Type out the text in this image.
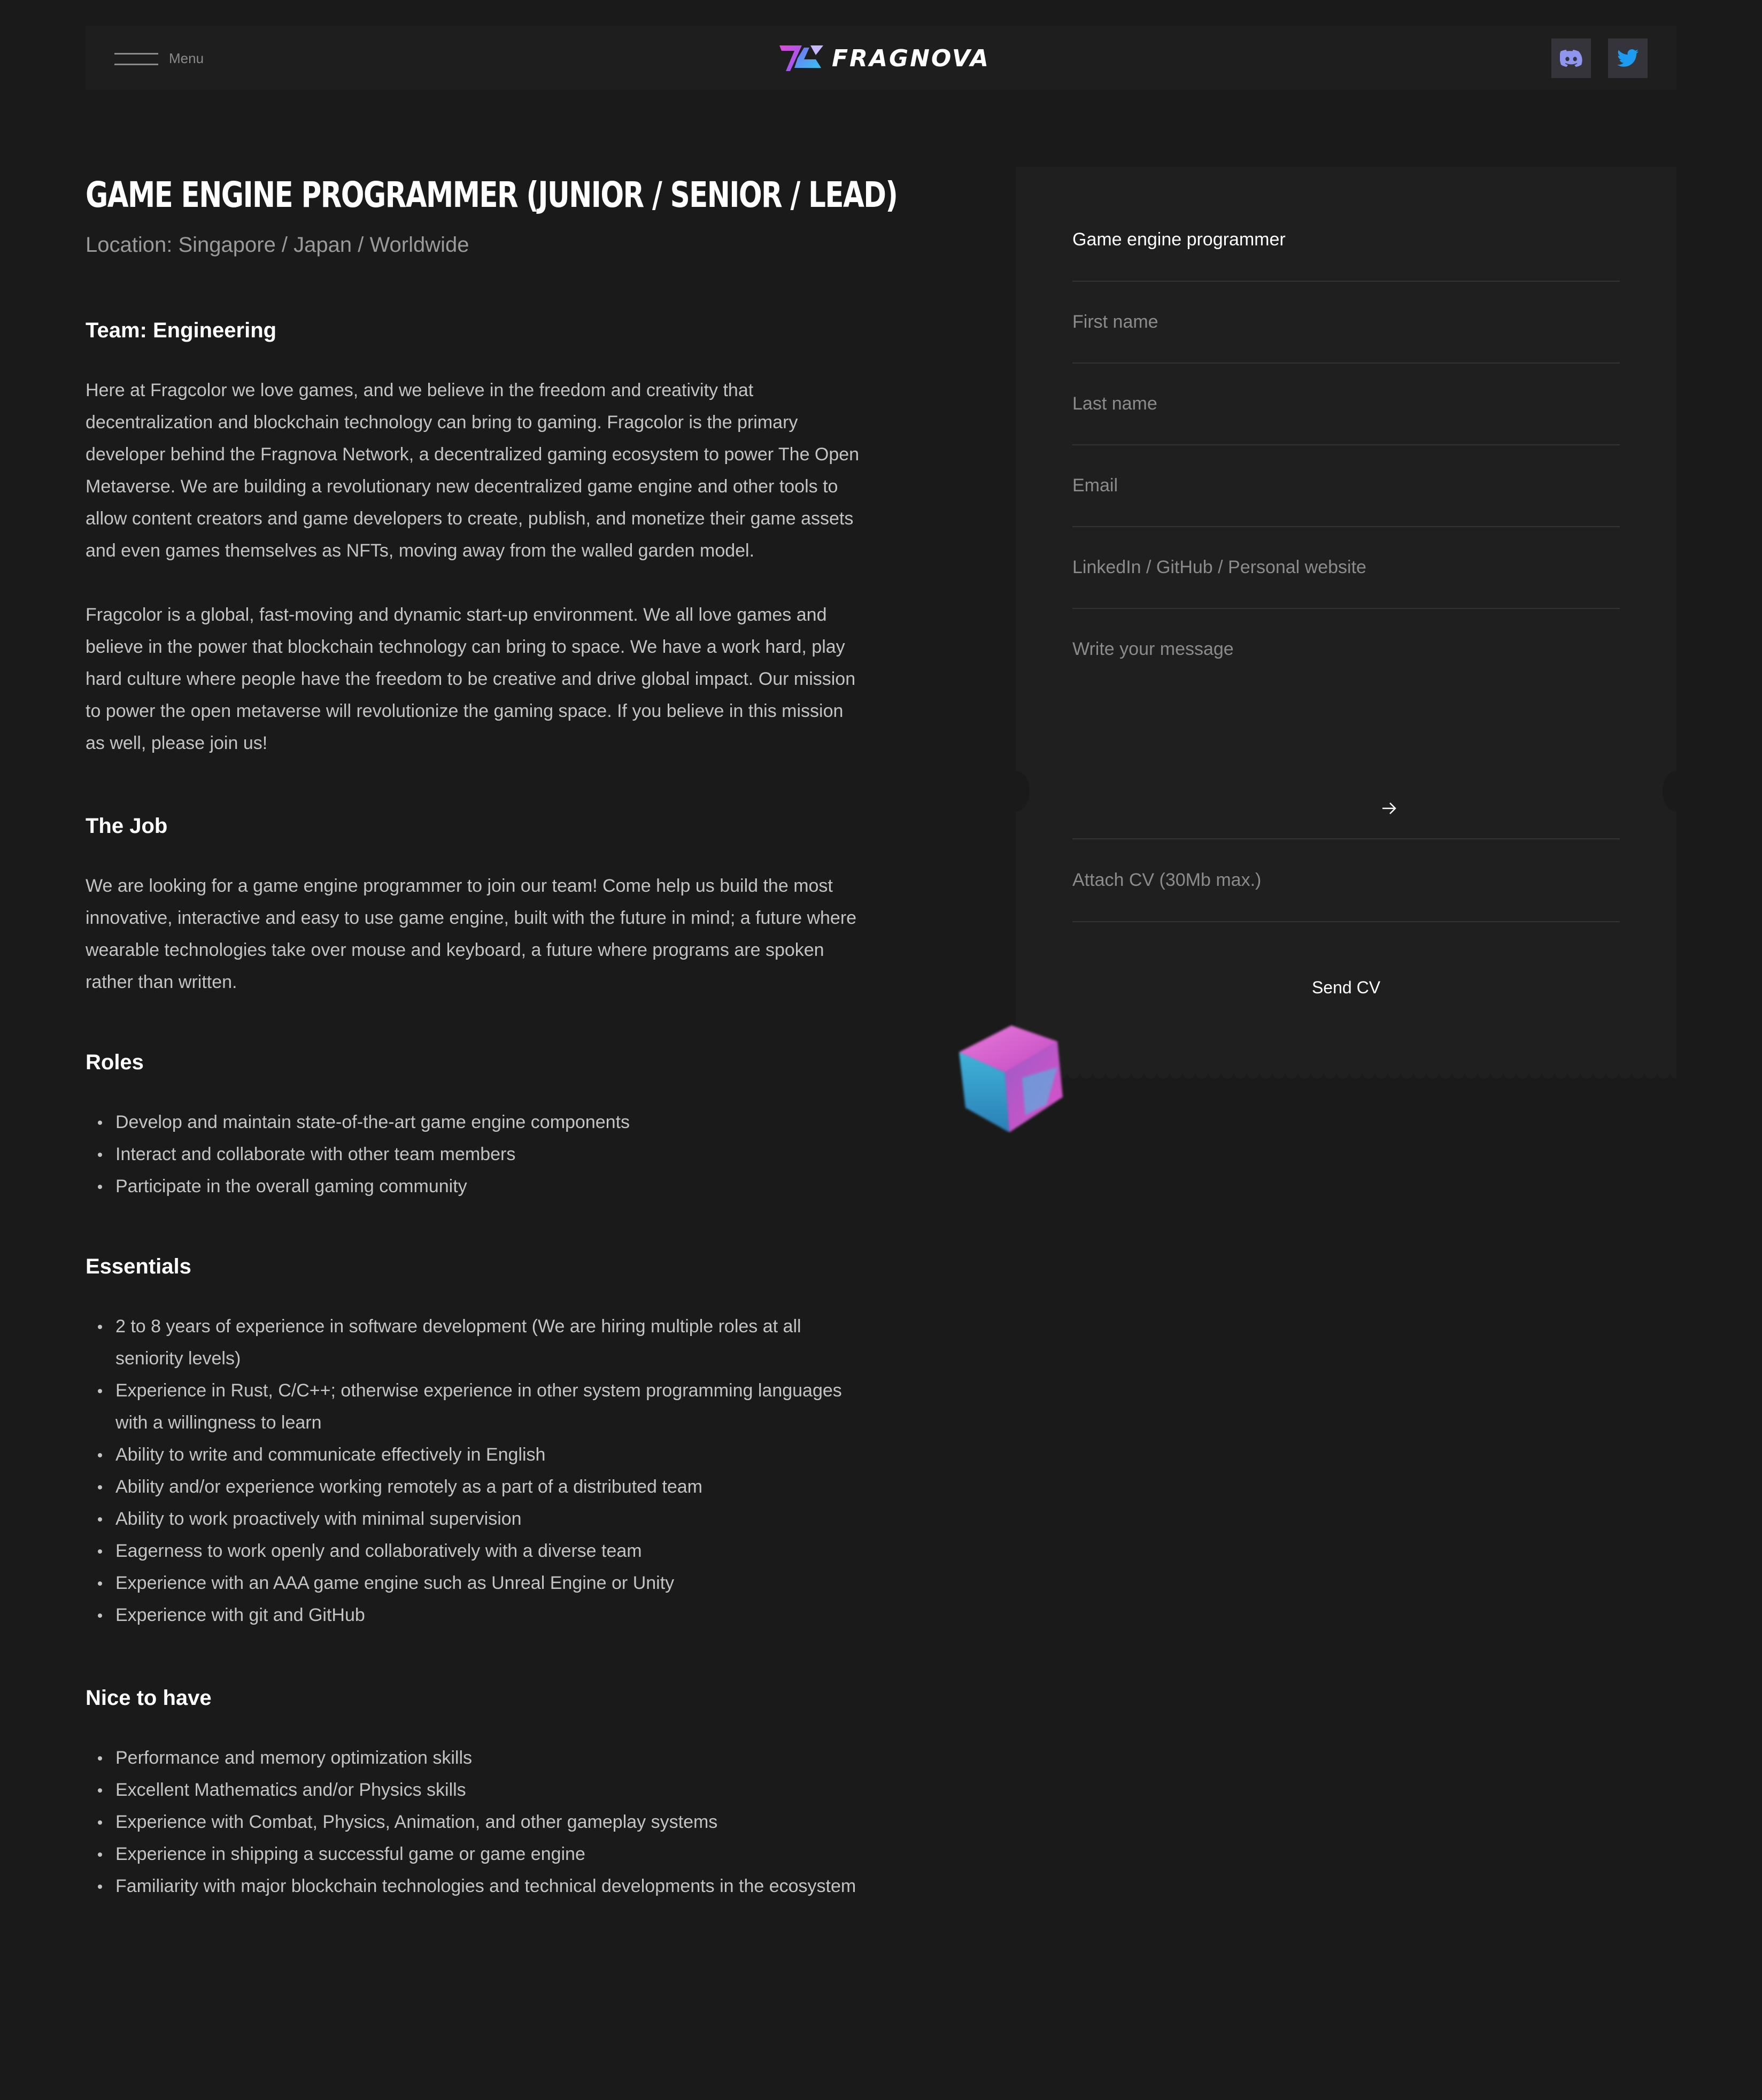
Menu	FRAGNOVA
GAME ENGINE PROGRAMMER (JUNIOR / SENIOR / LEAD)
Location: Singapore / Japan / Worldwide
Team: Engineering

Here at Fragcolor we love games, and we believe in the freedom and creativity that decentralization and blockchain technology can bring to gaming. Fragcolor is the primary developer behind the Fragnova Network, a decentralized gaming ecosystem to power The Open Metaverse. We are building a revolutionary new decentralized game engine and other tools to allow content creators and game developers to create, publish, and monetize their game assets and even games themselves as NFTs, moving away from the walled garden model.

Fragcolor is a global, fast-moving and dynamic start-up environment. We all love games and believe in the power that blockchain technology can bring to space. We have a work hard, play hard culture where people have the freedom to be creative and drive global impact. Our mission to power the open metaverse will revolutionize the gaming space. If you believe in this mission as well, please join us!

The Job

We are looking for a game engine programmer to join our team! Come help us build the most innovative, interactive and easy to use game engine, built with the future in mind; a future where wearable technologies take over mouse and keyboard, a future where programs are spoken rather than written.

Roles
Develop and maintain state-of-the-art game engine components
Interact and collaborate with other team members
Participate in the overall gaming community
Essentials
2 to 8 years of experience in software development (We are hiring multiple roles at all seniority levels)
Experience in Rust, C/C++; otherwise experience in other system programming languages with a willingness to learn
Ability to write and communicate effectively in English
Ability and/or experience working remotely as a part of a distributed team
Ability to work proactively with minimal supervision
Eagerness to work openly and collaboratively with a diverse team
Experience with an AAA game engine such as Unreal Engine or Unity
Experience with git and GitHub
Nice to have
Performance and memory optimization skills
Excellent Mathematics and/or Physics skills
Experience with Combat, Physics, Animation, and other gameplay systems
Experience in shipping a successful game or game engine
Familiarity with major blockchain technologies and technical developments in the ecosystem
Game engine programmer
First name
Last name
Email
LinkedIn / GitHub / Personal website
Write your message
Attach CV (30Mb max.)
Send CV
